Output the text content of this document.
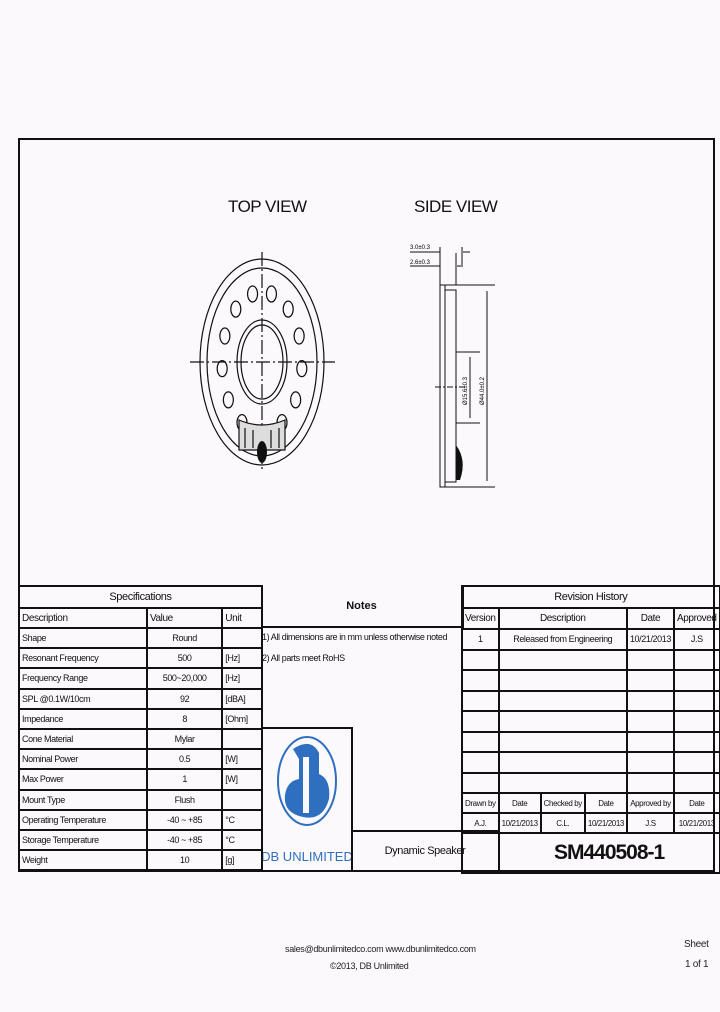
TOP VIEW	SIDE VIEW
3.0±0.3
2.6±0.3
Ø15.6±0.3 Ø44.0±0.2
Specifications		
Description	Value	Unit
Shape	Round	
Resonant Frequency	500	[Hz]
Frequency Range	500~20,000	[Hz]
SPL @0.1W/10cm	92	[dBA]
Impedance	8	[Ohm]
Cone Material	Mylar	
Nominal Power	0.5	[W]
Max Power	1	[W]
Mount Type	Flush	
Operating Temperature	-40 ~ +85	°C
Storage Temperature	-40 ~ +85	°C
Weight	10	[g]
Notes
1) All dimensions are in mm unless otherwise noted
2) All parts meet RoHS
DB UNLIMITED	Dynamic Speaker
Revision History					
Version	Description			Date	Approved
1	Released from Engineering			10/21/2013	J.S

Drawn by	Date	Checked by	Date	Approved by	Date
A.J.	10/21/2013	C.L.	10/21/2013	J.S	10/21/2013
	SM440508-1				
sales@dbunlimitedco.com www.dbunlimitedco.com
©2013, DB Unlimited
Sheet
1 of 1
